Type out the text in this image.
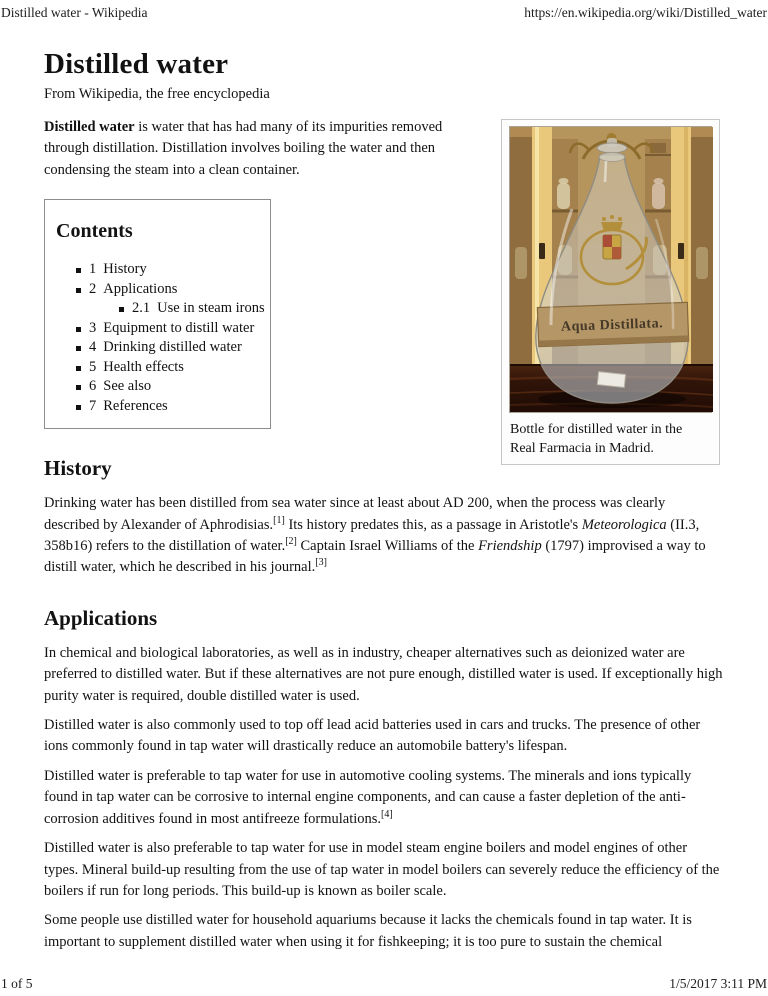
Distilled water - Wikipedia	https://en.wikipedia.org/wiki/Distilled_water
Distilled water
From Wikipedia, the free encyclopedia
Aqua Distillata.
Bottle for distilled water in the Real Farmacia in Madrid.

Distilled water is water that has had many of its impurities removed through distillation. Distillation involves boiling the water and then condensing the steam into a clean container.

Contents
1 History
2 Applications
2.1 Use in steam irons
3 Equipment to distill water
4 Drinking distilled water
5 Health effects
6 See also
7 References
History

Drinking water has been distilled from sea water since at least about AD 200, when the process was clearly described by Alexander of Aphrodisias.[1] Its history predates this, as a passage in Aristotle's Meteorologica (II.3, 358b16) refers to the distillation of water.[2] Captain Israel Williams of the Friendship (1797) improvised a way to distill water, which he described in his journal.[3]

Applications

In chemical and biological laboratories, as well as in industry, cheaper alternatives such as deionized water are preferred to distilled water. But if these alternatives are not pure enough, distilled water is used. If exceptionally high purity water is required, double distilled water is used.

Distilled water is also commonly used to top off lead acid batteries used in cars and trucks. The presence of other ions commonly found in tap water will drastically reduce an automobile battery's lifespan.

Distilled water is preferable to tap water for use in automotive cooling systems. The minerals and ions typically found in tap water can be corrosive to internal engine components, and can cause a faster depletion of the anti-corrosion additives found in most antifreeze formulations.[4]

Distilled water is also preferable to tap water for use in model steam engine boilers and model engines of other types. Mineral build-up resulting from the use of tap water in model boilers can severely reduce the efficiency of the boilers if run for long periods. This build-up is known as boiler scale.

Some people use distilled water for household aquariums because it lacks the chemicals found in tap water. It is important to supplement distilled water when using it for fishkeeping; it is too pure to sustain the chemical

1 of 5	1/5/2017 3:11 PM
